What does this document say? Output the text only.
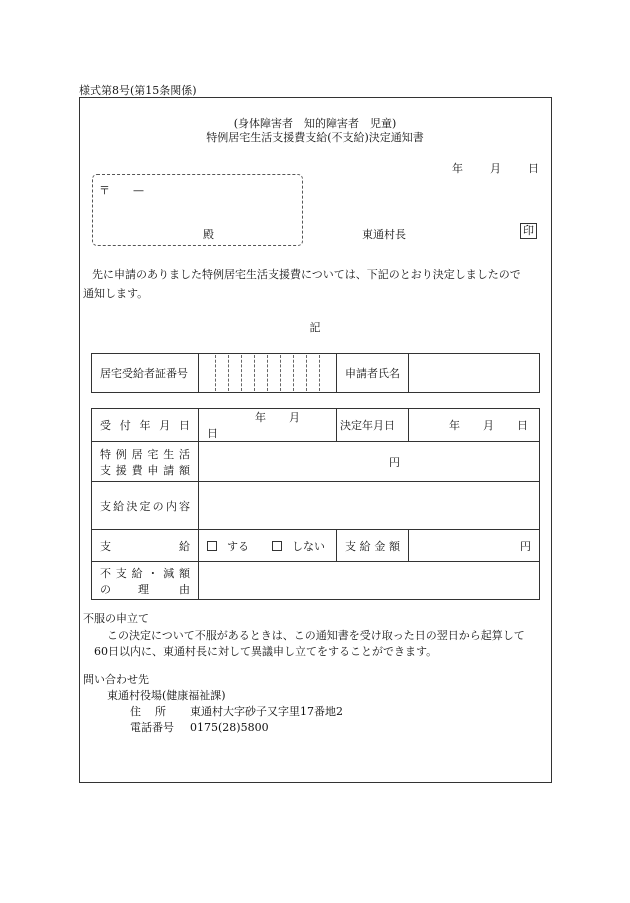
様式第8号(第15条関係)
(身体障害者　知的障害者　児童)
特例居宅生活支援費支給(不支給)決定通知書
年 月 日
〒 —
殿	東通村長	印
先に申請のありました特例居宅生活支援費については、下記のとおり決定しましたので
通知します。
記
居宅受給者証番号		申請者氏名	
受付年月日	年 月日	決定年月日	年 月 日

特例居宅生活
支援費申請額	円		
支給決定の内容			
支 給	する しない	支給金額	円

不支給・減額
の 理由			

不服の申立て
この決定について不服があるときは、この通知書を受け取った日の翌日から起算して
60日以内に、東通村長に対して異議申し立てをすることができます。
問い合わせ先
東通村役場(健康福祉課)
住所 東通村大字砂子又字里17番地2
電話番号 0175(28)5800
